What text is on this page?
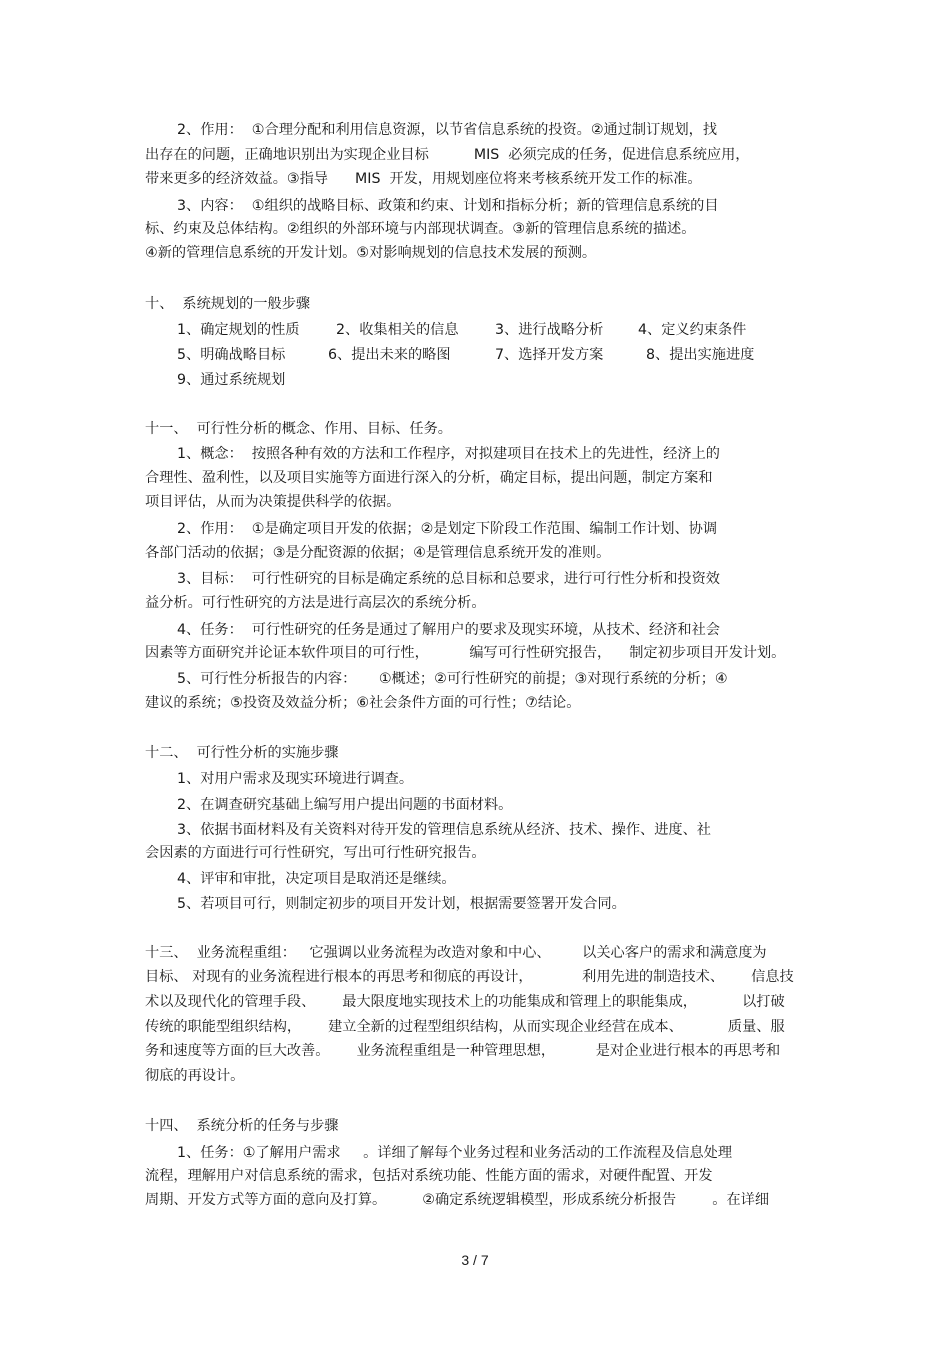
2、作用：  ①合理分配和利用信息资源，以节省信息系统的投资。②通过制订规划，找
出存在的问题，正确地识别出为实现企业目标          MIS  必须完成的任务，促进信息系统应用，
带来更多的经济效益。③指导      MIS  开发，用规划座位将来考核系统开发工作的标准。
3、内容：  ①组织的战略目标、政策和约束、计划和指标分析；新的管理信息系统的目
标、约束及总体结构。②组织的外部环境与内部现状调查。③新的管理信息系统的描述。
④新的管理信息系统的开发计划。⑤对影响规划的信息技术发展的预测。
十、  系统规划的一般步骤
1、确定规划的性质	2、收集相关的信息	3、进行战略分析 4、定义约束条件
5、明确战略目标	6、提出未来的略图	7、选择开发方案	8、提出实施进度
9、通过系统规划
十一、  可行性分析的概念、作用、目标、任务。
1、概念：  按照各种有效的方法和工作程序，对拟建项目在技术上的先进性，经济上的
合理性、盈利性，以及项目实施等方面进行深入的分析，确定目标，提出问题，制定方案和
项目评估，从而为决策提供科学的依据。
2、作用：  ①是确定项目开发的依据；②是划定下阶段工作范围、编制工作计划、协调
各部门活动的依据；③是分配资源的依据；④是管理信息系统开发的准则。
3、目标：  可行性研究的目标是确定系统的总目标和总要求，进行可行性分析和投资效
益分析。可行性研究的方法是进行高层次的系统分析。
4、任务：  可行性研究的任务是通过了解用户的要求及现实环境，从技术、经济和社会
因素等方面研究并论证本软件项目的可行性，         编写可行性研究报告，    制定初步项目开发计划。
5、可行性分析报告的内容：     ①概述；②可行性研究的前提；③对现行系统的分析；④
建议的系统；⑤投资及效益分析；⑥社会条件方面的可行性；⑦结论。
十二、  可行性分析的实施步骤
1、对用户需求及现实环境进行调查。
2、在调查研究基础上编写用户提出问题的书面材料。
3、依据书面材料及有关资料对待开发的管理信息系统从经济、技术、操作、进度、社
会因素的方面进行可行性研究，写出可行性研究报告。
4、评审和审批，决定项目是取消还是继续。
5、若项目可行，则制定初步的项目开发计划，根据需要签署开发合同。
十三、  业务流程重组：   它强调以业务流程为改造对象和中心、       以关心客户的需求和满意度为
目标、 对现有的业务流程进行根本的再思考和彻底的再设计，           利用先进的制造技术、      信息技
术以及现代化的管理手段、      最大限度地实现技术上的功能集成和管理上的职能集成，          以打破
传统的职能型组织结构，      建立全新的过程型组织结构，从而实现企业经营在成本、          质量、服
务和速度等方面的巨大改善。      业务流程重组是一种管理思想，         是对企业进行根本的再思考和
彻底的再设计。
十四、  系统分析的任务与步骤
1、任务：①了解用户需求     。详细了解每个业务过程和业务活动的工作流程及信息处理
流程，理解用户对信息系统的需求，包括对系统功能、性能方面的需求，对硬件配置、开发
周期、开发方式等方面的意向及打算。        ②确定系统逻辑模型，形成系统分析报告        。在详细
3 / 7
